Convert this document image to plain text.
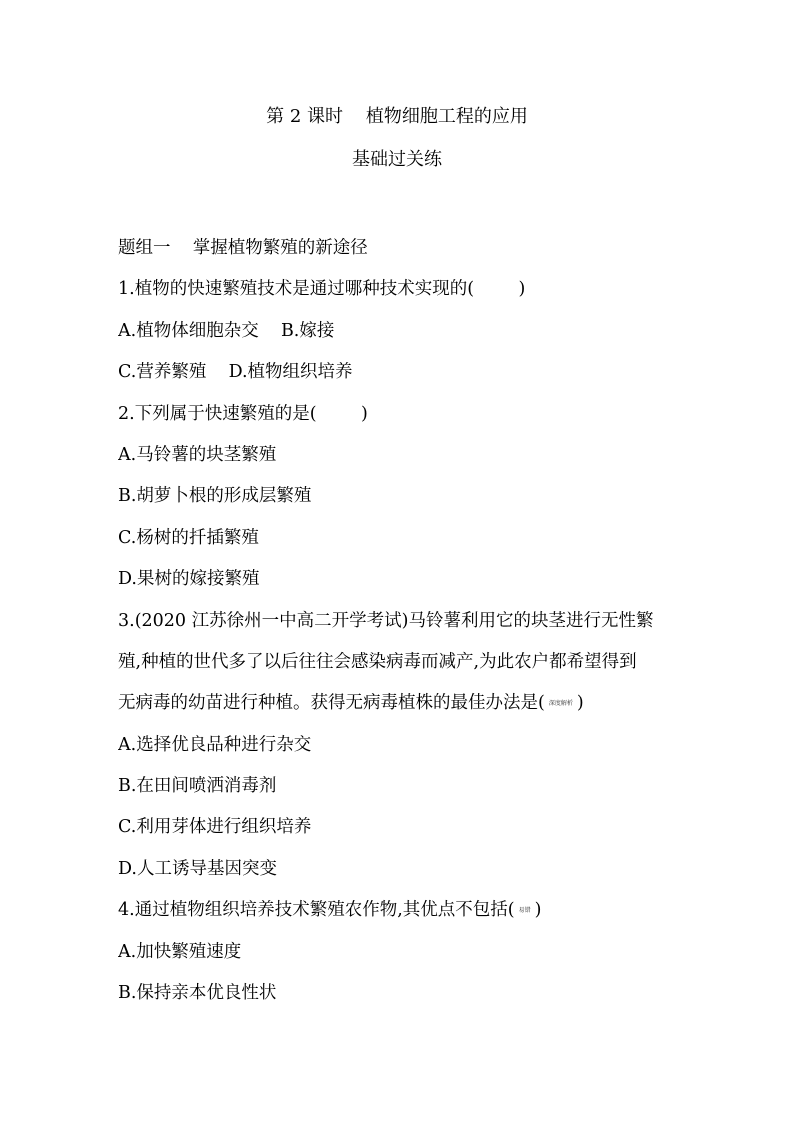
第 2 课时    植物细胞工程的应用
基础过关练
题组一    掌握植物繁殖的新途径
1.植物的快速繁殖技术是通过哪种技术实现的(        )
A.植物体细胞杂交    B.嫁接
C.营养繁殖    D.植物组织培养
2.下列属于快速繁殖的是(        )
A.马铃薯的块茎繁殖
B.胡萝卜根的形成层繁殖
C.杨树的扦插繁殖
D.果树的嫁接繁殖
3.(2020 江苏徐州一中高二开学考试)马铃薯利用它的块茎进行无性繁
殖,种植的世代多了以后往往会感染病毒而减产,为此农户都希望得到
无病毒的幼苗进行种植。获得无病毒植株的最佳办法是( 深度解析 )
A.选择优良品种进行杂交
B.在田间喷洒消毒剂
C.利用芽体进行组织培养
D.人工诱导基因突变
4.通过植物组织培养技术繁殖农作物,其优点不包括( 易错 )
A.加快繁殖速度
B.保持亲本优良性状
